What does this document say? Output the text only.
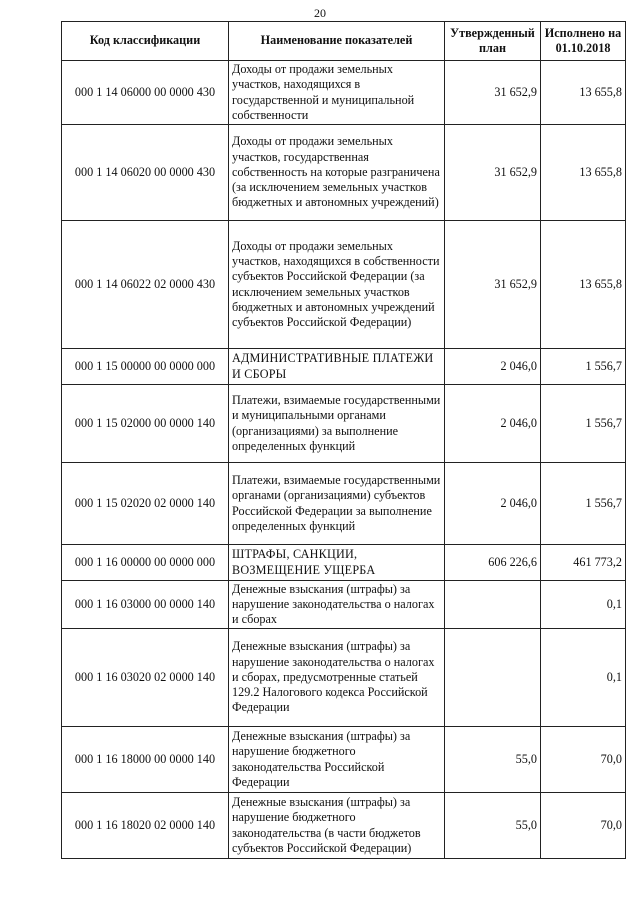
20
Код классификации	Наименование показателей	Утвержденный план	Исполнено на 01.10.2018
000 1 14 06000 00 0000 430	Доходы от продажи земельных участков, находящихся в государственной и муниципальной собственности	31 652,9	13 655,8
000 1 14 06020 00 0000 430	Доходы от продажи земельных участков, государственная собственность на которые разграничена (за исключением земельных участков бюджетных и автономных учреждений)	31 652,9	13 655,8
000 1 14 06022 02 0000 430	Доходы от продажи земельных участков, находящихся в собственности субъектов Российской Федерации (за исключением земельных участков бюджетных и автономных учреждений субъектов Российской Федерации)	31 652,9	13 655,8
000 1 15 00000 00 0000 000	АДМИНИСТРАТИВНЫЕ ПЛАТЕЖИ И СБОРЫ	2 046,0	1 556,7
000 1 15 02000 00 0000 140	Платежи, взимаемые государственными и муниципальными органами (организациями) за выполнение определенных функций	2 046,0	1 556,7
000 1 15 02020 02 0000 140	Платежи, взимаемые государственными органами (организациями) субъектов Российской Федерации за выполнение определенных функций	2 046,0	1 556,7
000 1 16 00000 00 0000 000	ШТРАФЫ, САНКЦИИ, ВОЗМЕЩЕНИЕ УЩЕРБА	606 226,6	461 773,2
000 1 16 03000 00 0000 140	Денежные взыскания (штрафы) за нарушение законодательства о налогах и сборах		0,1
000 1 16 03020 02 0000 140	Денежные взыскания (штрафы) за нарушение законодательства о налогах и сборах, предусмотренные статьей 129.2 Налогового кодекса Российской Федерации		0,1
000 1 16 18000 00 0000 140	Денежные взыскания (штрафы) за нарушение бюджетного законодательства Российской Федерации	55,0	70,0
000 1 16 18020 02 0000 140	Денежные взыскания (штрафы) за нарушение бюджетного законодательства (в части бюджетов субъектов Российской Федерации)	55,0	70,0
